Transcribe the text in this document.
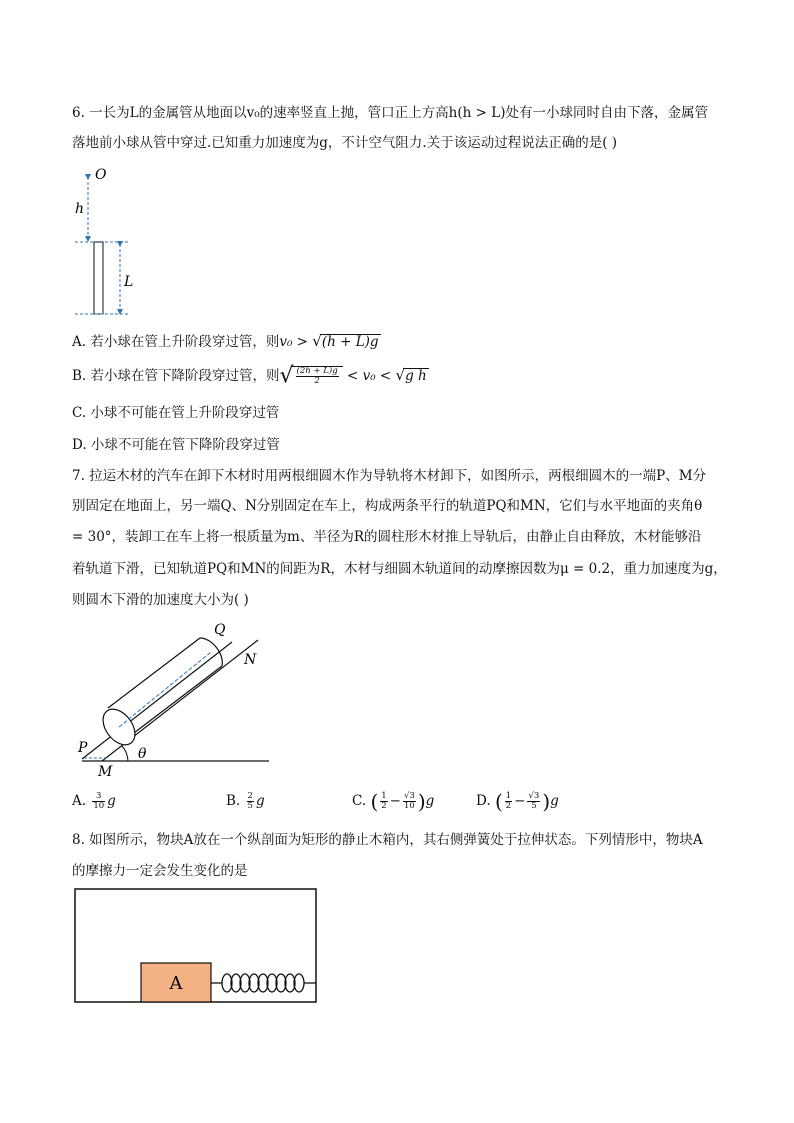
6. 一长为L的金属管从地面以v₀的速率竖直上抛，管口正上方高h(h > L)处有一小球同时自由下落，金属管
落地前小球从管中穿过.已知重力加速度为g，不计空气阻力.关于该运动过程说法正确的是( )
O
h
L
A. 若小球在管上升阶段穿过管，则v₀ > √(h + L)g
B. 若小球在管下降阶段穿过管，则√ $\frac{(2h + L)g}{2} < v_0 < √g$ h
C. 小球不可能在管上升阶段穿过管
D. 小球不可能在管下降阶段穿过管
7. 拉运木材的汽车在卸下木材时用两根细圆木作为导轨将木材卸下，如图所示，两根细圆木的一端P、M分
别固定在地面上，另一端Q、N分别固定在车上，构成两条平行的轨道PQ和MN，它们与水平地面的夹角θ
= 30°，装卸工在车上将一根质量为m、半径为R的圆柱形木材推上导轨后，由静止自由释放，木材能够沿
着轨道下滑，已知轨道PQ和MN的间距为R，木材与细圆木轨道间的动摩擦因数为μ = 0.2，重力加速度为g，
则圆木下滑的加速度大小为( )
P
M
Q
N
θ
A. $\frac{3}{10}$ g	B. $\frac{2}{5}$ g	C. ( $\frac{1}{2} - \frac{√3}{10} )g$	D. ( $\frac{1}{2} - \frac{√3}{5} )g$
8. 如图所示，物块A放在一个纵剖面为矩形的静止木箱内，其右侧弹簧处于拉伸状态。下列情形中，物块A
的摩擦力一定会发生变化的是
A
